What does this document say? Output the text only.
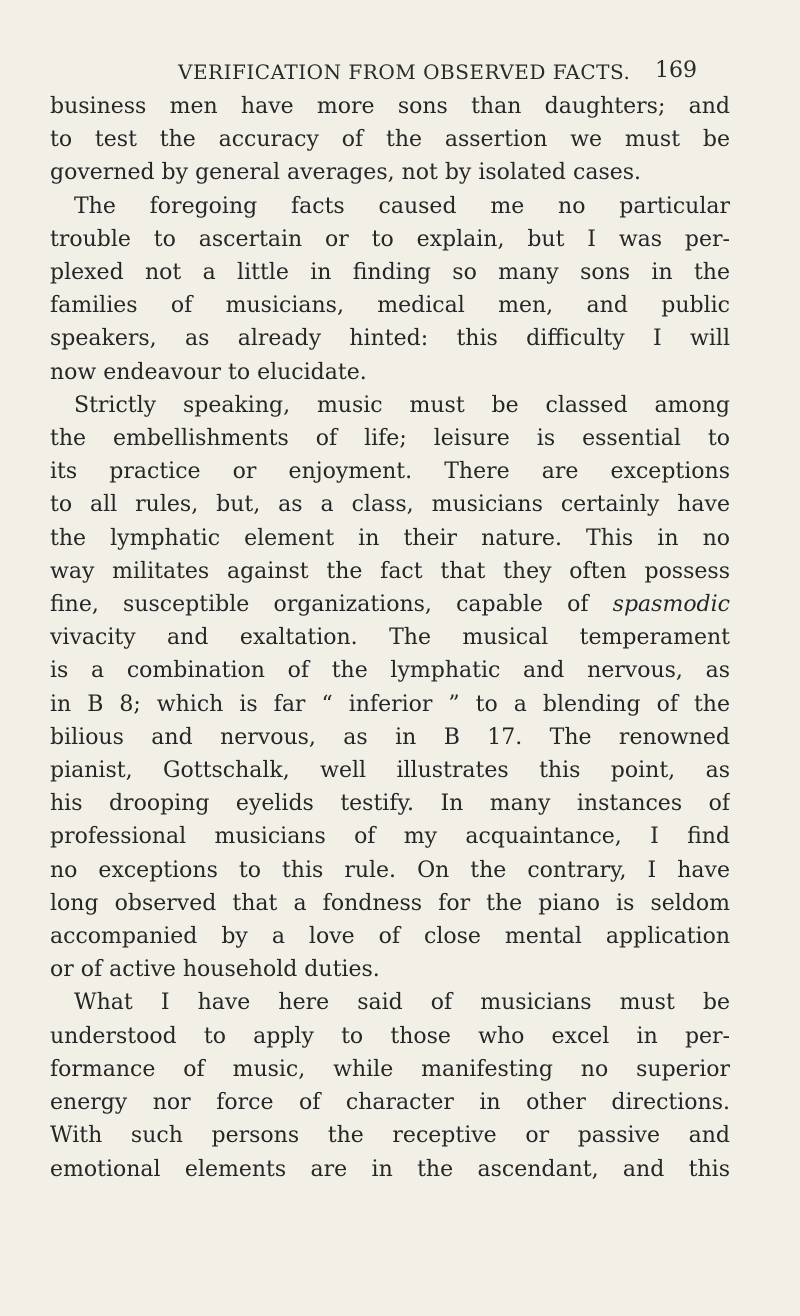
VERIFICATION FROM OBSERVED FACTS.	169
business men have more sons than daughters; and
to test the accuracy of the assertion we must be
governed by general averages, not by isolated cases.
The foregoing facts caused me no particular
trouble to ascertain or to explain, but I was per-
plexed not a little in finding so many sons in the
families of musicians, medical men, and public
speakers, as already hinted: this difficulty I will
now endeavour to elucidate.
Strictly speaking, music must be classed among
the embellishments of life; leisure is essential to
its practice or enjoyment. There are exceptions
to all rules, but, as a class, musicians certainly have
the lymphatic element in their nature. This in no
way militates against the fact that they often possess
fine, susceptible organizations, capable of spasmodic
vivacity and exaltation. The musical temperament
is a combination of the lymphatic and nervous, as
in B 8; which is far “ inferior ” to a blending of the
bilious and nervous, as in B 17. The renowned
pianist, Gottschalk, well illustrates this point, as
his drooping eyelids testify. In many instances of
professional musicians of my acquaintance, I find
no exceptions to this rule. On the contrary, I have
long observed that a fondness for the piano is seldom
accompanied by a love of close mental application
or of active household duties.
What I have here said of musicians must be
understood to apply to those who excel in per-
formance of music, while manifesting no superior
energy nor force of character in other directions.
With such persons the receptive or passive and
emotional elements are in the ascendant, and this
